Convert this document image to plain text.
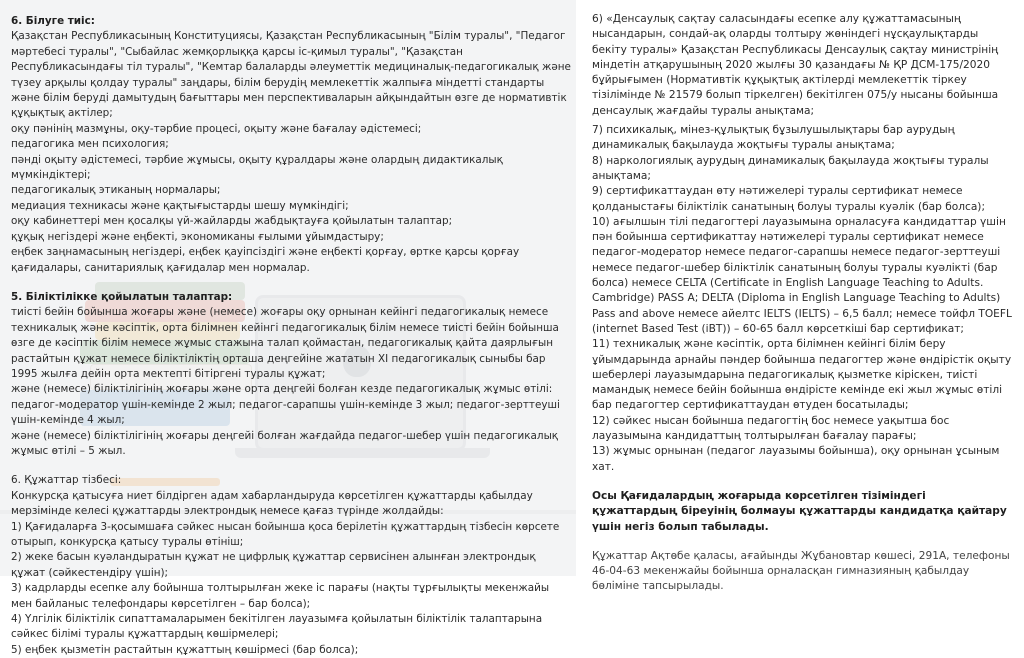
6. Білуге тиіс:

Қазақстан Республикасының Конституциясы, Қазақстан Республикасының "Білім туралы", "Педагог мәртебесі туралы", "Сыбайлас жемқорлыққа қарсы іс-қимыл туралы", "Қазақстан Республикасындағы тіл туралы", "Кемтар балаларды әлеуметтік медициналық-педагогикалық және түзеу арқылы қолдау туралы" заңдары, білім берудің мемлекеттік жалпыға міндетті стандарты және білім беруді дамытудың бағыттары мен перспективаларын айқындайтын өзге де нормативтік құқықтық актілер;

оқу пәнінің мазмұны, оқу-тәрбие процесі, оқыту және бағалау әдістемесі;

педагогика мен психология;

пәнді оқыту әдістемесі, тәрбие жұмысы, оқыту құралдары және олардың дидактикалық мүмкіндіктері;

педагогикалық этиканың нормалары;

медиация техникасы және қақтығыстарды шешу мүмкіндігі;

оқу кабинеттері мен қосалқы үй-жайларды жабдықтауға қойылатын талаптар;

құқық негіздері және еңбекті, экономиканы ғылыми ұйымдастыру;

еңбек заңнамасының негіздері, еңбек қауіпсіздігі және еңбекті қорғау, өртке қарсы қорғау қағидалары, санитариялық қағидалар мен нормалар.

5. Біліктілікке қойылатын талаптар:

тиісті бейін бойынша жоғары және (немесе) жоғары оқу орнынан кейінгі педагогикалық немесе техникалық және кәсіптік, орта білімнен кейінгі педагогикалық білім немесе тиісті бейін бойынша өзге де кәсіптік білім немесе жұмыс стажына талап қоймастан, педагогикалық қайта даярлығын растайтын құжат немесе біліктіліктің орташа деңгейіне жататын XI педагогикалық сыныбы бар 1995 жылға дейін орта мектепті бітіргені туралы құжат;

және (немесе) біліктілігінің жоғары және орта деңгейі болған кезде педагогикалық жұмыс өтілі: педагог-модератор үшін-кемінде 2 жыл; педагог-сарапшы үшін-кемінде 3 жыл; педагог-зерттеуші үшін-кемінде 4 жыл;

және (немесе) біліктілігінің жоғары деңгейі болған жағдайда педагог-шебер үшін педагогикалық жұмыс өтілі – 5 жыл.

6. Құжаттар тізбесі:

Конкурсқа қатысуға ниет білдірген адам хабарландыруда көрсетілген құжаттарды қабылдау мерзімінде келесі құжаттарды электрондық немесе қағаз түрінде жолдайды:

1) Қағидаларға 3-қосымшаға сәйкес нысан бойынша қоса берілетін құжаттардың тізбесін көрсете отырып, конкурсқа қатысу туралы өтініш;

2) жеке басын куәландыратын құжат не цифрлық құжаттар сервисінен алынған электрондық құжат (сәйкестендіру үшін);

3) кадрларды есепке алу бойынша толтырылған жеке іс парағы (нақты тұрғылықты мекенжайы мен байланыс телефондары көрсетілген – бар болса);

4) Үлгілік біліктілік сипаттамаларымен бекітілген лауазымға қойылатын біліктілік талаптарына сәйкес білімі туралы құжаттардың көшірмелері;

5) еңбек қызметін растайтын құжаттың көшірмесі (бар болса);

6) «Денсаулық сақтау саласындағы есепке алу құжаттамасының нысандарын, сондай-ақ оларды толтыру жөніндегі нұсқаулықтарды бекіту туралы» Қазақстан Республикасы Денсаулық сақтау министрінің міндетін атқарушының 2020 жылғы 30 қазандағы № ҚР ДСМ-175/2020 бұйрығымен (Нормативтік құқықтық актілерді мемлекеттік тіркеу тізілімінде № 21579 болып тіркелген) бекітілген 075/у нысаны бойынша денсаулық жағдайы туралы анықтама;

7) психикалық, мінез-құлықтық бұзылушылықтары бар аурудың динамикалық бақылауда жоқтығы туралы анықтама;

8) наркологиялық аурудың динамикалық бақылауда жоқтығы туралы анықтама;

9) сертификаттаудан өту нәтижелері туралы сертификат немесе қолданыстағы біліктілік санатының болуы туралы куәлік (бар болса);

10) ағылшын тілі педагогтері лауазымына орналасуға кандидаттар үшін пән бойынша сертификаттау нәтижелері туралы сертификат немесе педагог-модератор немесе педагог-сарапшы немесе педагог-зерттеуші немесе педагог-шебер біліктілік санатының болуы туралы куәлікті (бар болса) немесе CELTA (Certificate in English Language Teaching to Adults. Cambridge) PASS A; DELTA (Diploma in English Language Teaching to Adults) Pass and above немесе айелтс IELTS (IELTS) – 6,5 балл; немесе тойфл TOEFL (internet Based Test (iBT)) – 60-65 балл көрсеткіші бар сертификат;

11) техникалық және кәсіптік, орта білімнен кейінгі білім беру ұйымдарында арнайы пәндер бойынша педагогтер және өндірістік оқыту шеберлері лауазымдарына педагогикалық қызметке кіріскен, тиісті мамандық немесе бейін бойынша өндірісте кемінде екі жыл жұмыс өтілі бар педагогтер сертификаттаудан өтуден босатылады;

12) сәйкес нысан бойынша педагогтің бос немесе уақытша бос лауазымына кандидаттың толтырылған бағалау парағы;

13) жұмыс орнынан (педагог лауазымы бойынша), оқу орнынан ұсыным хат.

Осы Қағидалардың жоғарыда көрсетілген тізіміндегі құжаттардың біреуінің болмауы құжаттарды кандидатқа қайтару үшін негіз болып табылады.

Құжаттар Ақтөбе қаласы, ағайынды Жұбановтар көшесі, 291А, телефоны 46-04-63 мекенжайы бойынша орналасқан гимназияның қабылдау бөліміне тапсырылады.
